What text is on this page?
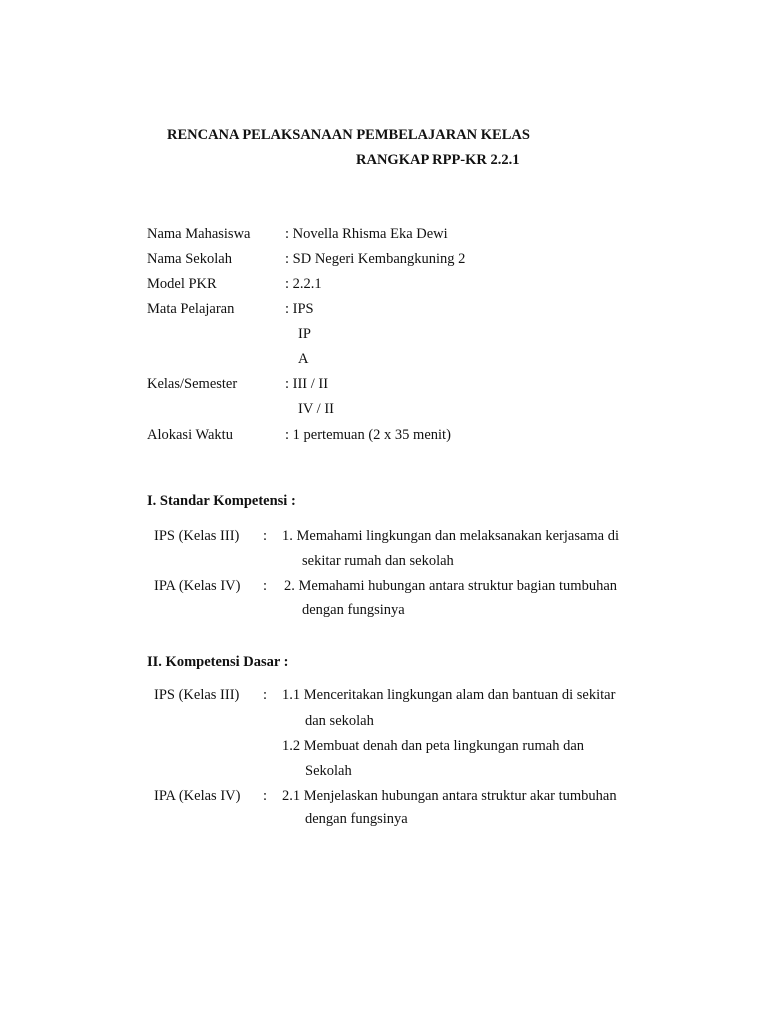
RENCANA PELAKSANAAN PEMBELAJARAN KELAS
RANGKAP RPP-KR 2.2.1
Nama Mahasiswa : Novella Rhisma Eka Dewi
Nama Sekolah	: SD Negeri Kembangkuning 2
Model PKR	: 2.2.1
Mata Pelajaran	: IPS
IP
A
Kelas/Semester	: III / II
IV / II
Alokasi Waktu	: 1 pertemuan (2 x 35 menit)
I. Standar Kompetensi :
IPS (Kelas III) : 1. Memahami lingkungan dan melaksanakan kerjasama di
sekitar rumah dan sekolah
IPA (Kelas IV) : 2. Memahami hubungan antara struktur bagian tumbuhan
dengan fungsinya
II. Kompetensi Dasar :
IPS (Kelas III) : 1.1 Menceritakan lingkungan alam dan bantuan di sekitar
dan sekolah
1.2 Membuat denah dan peta lingkungan rumah dan
Sekolah
IPA (Kelas IV) : 2.1 Menjelaskan hubungan antara struktur akar tumbuhan
dengan fungsinya
